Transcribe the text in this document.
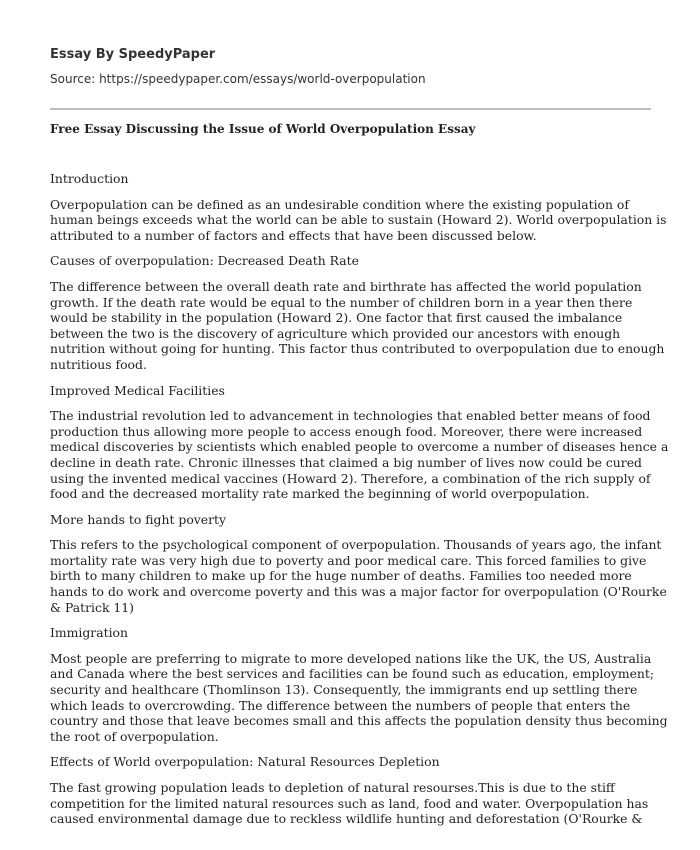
Essay By SpeedyPaper
Source: https://speedypaper.com/essays/world-overpopulation
Free Essay Discussing the Issue of World Overpopulation Essay

Introduction

Overpopulation can be defined as an undesirable condition where the existing population of human beings exceeds what the world can be able to sustain (Howard 2). World overpopulation is attributed to a number of factors and effects that have been discussed below.

Causes of overpopulation: Decreased Death Rate

The difference between the overall death rate and birthrate has affected the world population growth. If the death rate would be equal to the number of children born in a year then there would be stability in the population (Howard 2). One factor that first caused the imbalance between the two is the discovery of agriculture which provided our ancestors with enough nutrition without going for hunting. This factor thus contributed to overpopulation due to enough nutritious food.

Improved Medical Facilities

The industrial revolution led to advancement in technologies that enabled better means of food production thus allowing more people to access enough food. Moreover, there were increased medical discoveries by scientists which enabled people to overcome a number of diseases hence a decline in death rate. Chronic illnesses that claimed a big number of lives now could be cured using the invented medical vaccines (Howard 2). Therefore, a combination of the rich supply of food and the decreased mortality rate marked the beginning of world overpopulation.

More hands to fight poverty

This refers to the psychological component of overpopulation. Thousands of years ago, the infant mortality rate was very high due to poverty and poor medical care. This forced families to give birth to many children to make up for the huge number of deaths. Families too needed more hands to do work and overcome poverty and this was a major factor for overpopulation (O'Rourke & Patrick 11)

Immigration

Most people are preferring to migrate to more developed nations like the UK, the US, Australia and Canada where the best services and facilities can be found such as education, employment; security and healthcare (Thomlinson 13). Consequently, the immigrants end up settling there which leads to overcrowding. The difference between the numbers of people that enters the country and those that leave becomes small and this affects the population density thus becoming the root of overpopulation.

Effects of World overpopulation: Natural Resources Depletion

The fast growing population leads to depletion of natural resourses.This is due to the stiff competition for the limited natural resources such as land, food and water. Overpopulation has caused environmental damage due to reckless wildlife hunting and deforestation (O'Rourke &
